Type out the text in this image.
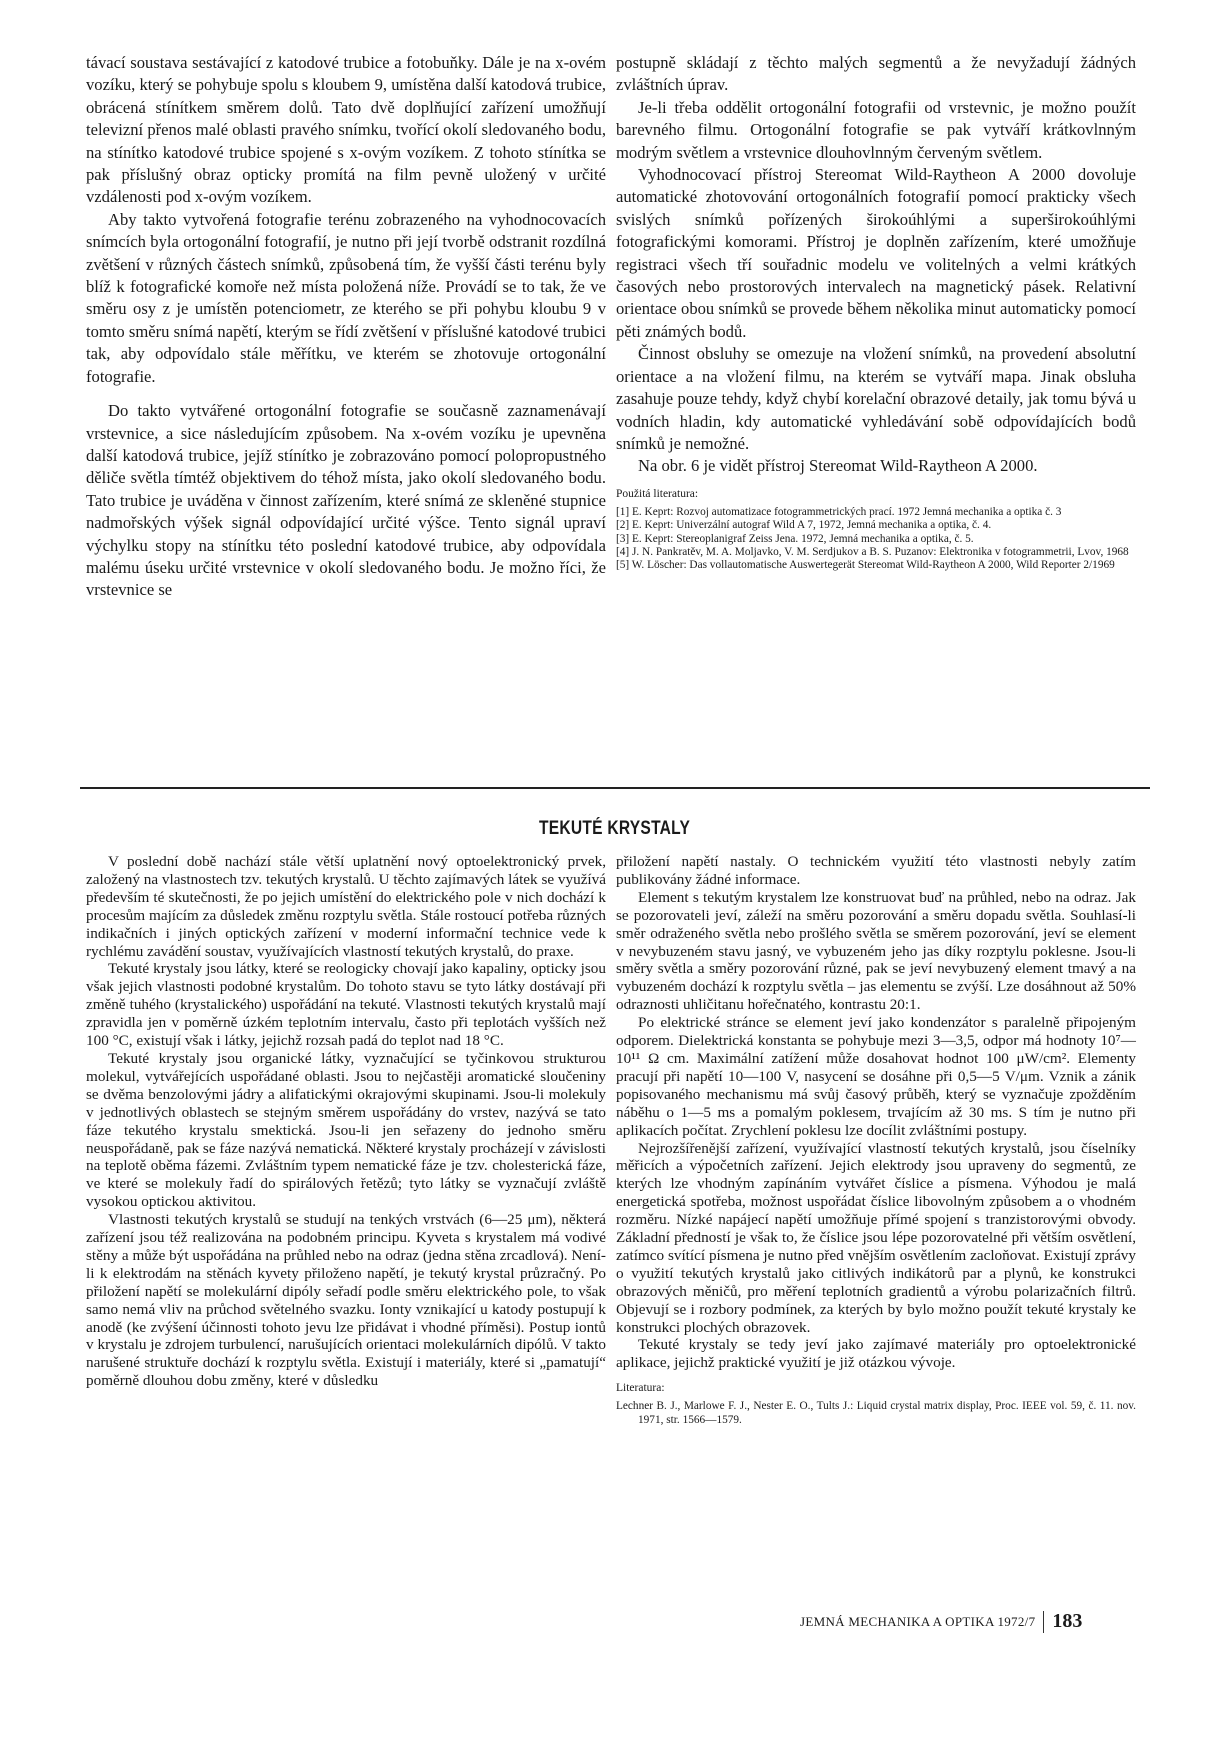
távací soustava sestávající z katodové trubice a fotobuňky. Dále je na x-ovém vozíku, který se pohybuje spolu s kloubem 9, umístěna další katodová trubice, obrácená stínítkem směrem dolů. Tato dvě doplňující zařízení umožňují televizní přenos malé oblasti pravého snímku, tvořící okolí sledovaného bodu, na stínítko katodové trubice spojené s x-ovým vozíkem. Z tohoto stínítka se pak příslušný obraz opticky promítá na film pevně uložený v určité vzdálenosti pod x-ovým vozíkem.

Aby takto vytvořená fotografie terénu zobrazeného na vyhodnocovacích snímcích byla ortogonální fotografií, je nutno při její tvorbě odstranit rozdílná zvětšení v různých částech snímků, způsobená tím, že vyšší části terénu byly blíž k fotografické komoře než místa položená níže. Provádí se to tak, že ve směru osy z je umístěn potenciometr, ze kterého se při pohybu kloubu 9 v tomto směru snímá napětí, kterým se řídí zvětšení v příslušné katodové trubici tak, aby odpovídalo stále měřítku, ve kterém se zhotovuje ortogonální fotografie.

Do takto vytvářené ortogonální fotografie se současně zaznamenávají vrstevnice, a sice následujícím způsobem. Na x-ovém vozíku je upevněna další katodová trubice, jejíž stínítko je zobrazováno pomocí polopropustného děliče světla tímtéž objektivem do téhož místa, jako okolí sledovaného bodu. Tato trubice je uváděna v činnost zařízením, které snímá ze skleněné stupnice nadmořských výšek signál odpovídající určité výšce. Tento signál upraví výchylku stopy na stínítku této poslední katodové trubice, aby odpovídala malému úseku určité vrstevnice v okolí sledovaného bodu. Je možno říci, že vrstevnice se

postupně skládají z těchto malých segmentů a že nevyžadují žádných zvláštních úprav.

Je-li třeba oddělit ortogonální fotografii od vrstevnic, je možno použít barevného filmu. Ortogonální fotografie se pak vytváří krátkovlnným modrým světlem a vrstevnice dlouhovlnným červeným světlem.

Vyhodnocovací přístroj Stereomat Wild-Raytheon A 2000 dovoluje automatické zhotovování ortogonálních fotografií pomocí prakticky všech svislých snímků pořízených širokoúhlými a superširokoúhlými fotografickými komorami. Přístroj je doplněn zařízením, které umožňuje registraci všech tří souřadnic modelu ve volitelných a velmi krátkých časových nebo prostorových intervalech na magnetický pásek. Relativní orientace obou snímků se provede během několika minut automaticky pomocí pěti známých bodů.

Činnost obsluhy se omezuje na vložení snímků, na provedení absolutní orientace a na vložení filmu, na kterém se vytváří mapa. Jinak obsluha zasahuje pouze tehdy, když chybí korelační obrazové detaily, jak tomu bývá u vodních hladin, kdy automatické vyhledávání sobě odpovídajících bodů snímků je nemožné.

Na obr. 6 je vidět přístroj Stereomat Wild-Raytheon A 2000.

Použitá literatura:

[1] E. Keprt: Rozvoj automatizace fotogrammetrických prací. 1972 Jemná mechanika a optika č. 3

[2] E. Keprt: Univerzální autograf Wild A 7, 1972, Jemná mechanika a optika, č. 4.

[3] E. Keprt: Stereoplanigraf Zeiss Jena. 1972, Jemná mechanika a optika, č. 5.

[4] J. N. Pankratěv, M. A. Moljavko, V. M. Serdjukov a B. S. Puzanov: Elektronika v fotogrammetrii, Lvov, 1968

[5] W. Löscher: Das vollautomatische Auswertegerät Stereomat Wild-Raytheon A 2000, Wild Reporter 2/1969

TEKUTÉ KRYSTALY

V poslední době nachází stále větší uplatnění nový optoelektronický prvek, založený na vlastnostech tzv. tekutých krystalů. U těchto zajímavých látek se využívá především té skutečnosti, že po jejich umístění do elektrického pole v nich dochází k procesům majícím za důsledek změnu rozptylu světla. Stále rostoucí potřeba různých indikačních i jiných optických zařízení v moderní informační technice vede k rychlému zavádění soustav, využívajících vlastností tekutých krystalů, do praxe.

Tekuté krystaly jsou látky, které se reologicky chovají jako kapaliny, opticky jsou však jejich vlastnosti podobné krystalům. Do tohoto stavu se tyto látky dostávají při změně tuhého (krystalického) uspořádání na tekuté. Vlastnosti tekutých krystalů mají zpravidla jen v poměrně úzkém teplotním intervalu, často při teplotách vyšších než 100 °C, existují však i látky, jejichž rozsah padá do teplot nad 18 °C.

Tekuté krystaly jsou organické látky, vyznačující se tyčinkovou strukturou molekul, vytvářejících uspořádané oblasti. Jsou to nejčastěji aromatické sloučeniny se dvěma benzolovými jádry a alifatickými okrajovými skupinami. Jsou-li molekuly v jednotlivých oblastech se stejným směrem uspořádány do vrstev, nazývá se tato fáze tekutého krystalu smektická. Jsou-li jen seřazeny do jednoho směru neuspořádaně, pak se fáze nazývá nematická. Některé krystaly procházejí v závislosti na teplotě oběma fázemi. Zvláštním typem nematické fáze je tzv. cholesterická fáze, ve které se molekuly řadí do spirálových řetězů; tyto látky se vyznačují zvláště vysokou optickou aktivitou.

Vlastnosti tekutých krystalů se studují na tenkých vrstvách (6—25 μm), některá zařízení jsou též realizována na podobném principu. Kyveta s krystalem má vodivé stěny a může být uspořádána na průhled nebo na odraz (jedna stěna zrcadlová). Není-li k elektrodám na stěnách kyvety přiloženo napětí, je tekutý krystal průzračný. Po přiložení napětí se molekulární dipóly seřadí podle směru elektrického pole, to však samo nemá vliv na průchod světelného svazku. Ionty vznikající u katody postupují k anodě (ke zvýšení účinnosti tohoto jevu lze přidávat i vhodné příměsi). Postup iontů v krystalu je zdrojem turbulencí, narušujících orientaci molekulárních dipólů. V takto narušené struktuře dochází k rozptylu světla. Existují i materiály, které si „pamatují“ poměrně dlouhou dobu změny, které v důsledku

přiložení napětí nastaly. O technickém využití této vlastnosti nebyly zatím publikovány žádné informace.

Element s tekutým krystalem lze konstruovat buď na průhled, nebo na odraz. Jak se pozorovateli jeví, záleží na směru pozorování a směru dopadu světla. Souhlasí-li směr odraženého světla nebo prošlého světla se směrem pozorování, jeví se element v nevybuzeném stavu jasný, ve vybuzeném jeho jas díky rozptylu poklesne. Jsou-li směry světla a směry pozorování různé, pak se jeví nevybuzený element tmavý a na vybuzeném dochází k rozptylu světla – jas elementu se zvýší. Lze dosáhnout až 50% odraznosti uhličitanu hořečnatého, kontrastu 20:1.

Po elektrické stránce se element jeví jako kondenzátor s paralelně připojeným odporem. Dielektrická konstanta se pohybuje mezi 3—3,5, odpor má hodnoty 10⁷—10¹¹ Ω cm. Maximální zatížení může dosahovat hodnot 100 μW/cm². Elementy pracují při napětí 10—100 V, nasycení se dosáhne při 0,5—5 V/μm. Vznik a zánik popisovaného mechanismu má svůj časový průběh, který se vyznačuje zpožděním náběhu o 1—5 ms a pomalým poklesem, trvajícím až 30 ms. S tím je nutno při aplikacích počítat. Zrychlení poklesu lze docílit zvláštními postupy.

Nejrozšířenější zařízení, využívající vlastností tekutých krystalů, jsou číselníky měřicích a výpočetních zařízení. Jejich elektrody jsou upraveny do segmentů, ze kterých lze vhodným zapínáním vytvářet číslice a písmena. Výhodou je malá energetická spotřeba, možnost uspořádat číslice libovolným způsobem a o vhodném rozměru. Nízké napájecí napětí umožňuje přímé spojení s tranzistorovými obvody. Základní předností je však to, že číslice jsou lépe pozorovatelné při větším osvětlení, zatímco svítící písmena je nutno před vnějším osvětlením zacloňovat. Existují zprávy o využití tekutých krystalů jako citlivých indikátorů par a plynů, ke konstrukci obrazových měničů, pro měření teplotních gradientů a výrobu polarizačních filtrů. Objevují se i rozbory podmínek, za kterých by bylo možno použít tekuté krystaly ke konstrukci plochých obrazovek.

Tekuté krystaly se tedy jeví jako zajímavé materiály pro optoelektronické aplikace, jejichž praktické využití je již otázkou vývoje.

Literatura:

Lechner B. J., Marlowe F. J., Nester E. O., Tults J.: Liquid crystal matrix display, Proc. IEEE vol. 59, č. 11. nov. 1971, str. 1566—1579.

JEMNÁ MECHANIKA A OPTIKA 1972/7 183
